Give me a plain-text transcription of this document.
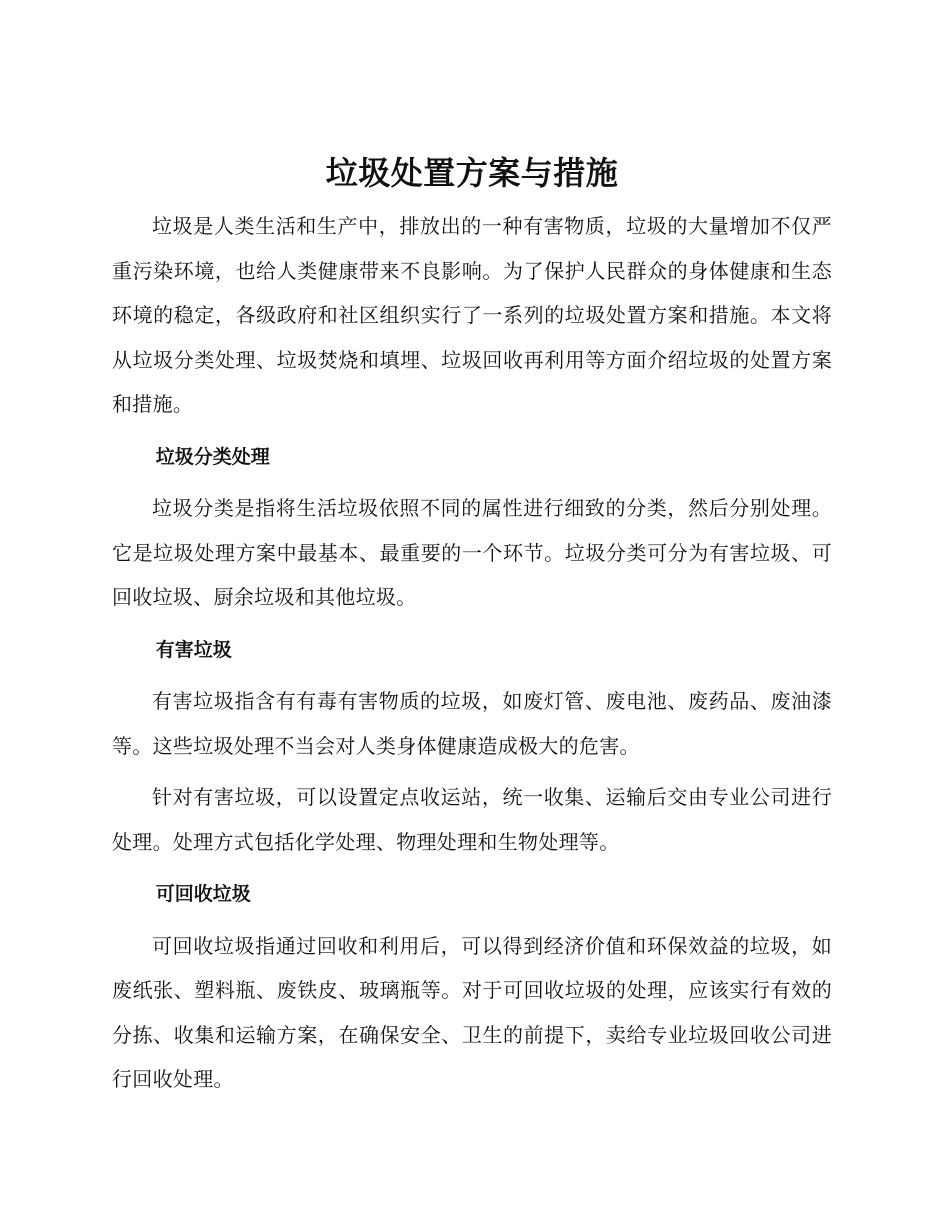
垃圾处置方案与措施

垃圾是人类生活和生产中，排放出的一种有害物质，垃圾的大量增加不仅严重污染环境，也给人类健康带来不良影响。为了保护人民群众的身体健康和生态环境的稳定，各级政府和社区组织实行了一系列的垃圾处置方案和措施。本文将从垃圾分类处理、垃圾焚烧和填埋、垃圾回收再利用等方面介绍垃圾的处置方案和措施。

垃圾分类处理

垃圾分类是指将生活垃圾依照不同的属性进行细致的分类，然后分别处理。它是垃圾处理方案中最基本、最重要的一个环节。垃圾分类可分为有害垃圾、可回收垃圾、厨余垃圾和其他垃圾。

有害垃圾

有害垃圾指含有有毒有害物质的垃圾，如废灯管、废电池、废药品、废油漆等。这些垃圾处理不当会对人类身体健康造成极大的危害。

针对有害垃圾，可以设置定点收运站，统一收集、运输后交由专业公司进行处理。处理方式包括化学处理、物理处理和生物处理等。

可回收垃圾

可回收垃圾指通过回收和利用后，可以得到经济价值和环保效益的垃圾，如废纸张、塑料瓶、废铁皮、玻璃瓶等。对于可回收垃圾的处理，应该实行有效的分拣、收集和运输方案，在确保安全、卫生的前提下，卖给专业垃圾回收公司进行回收处理。
